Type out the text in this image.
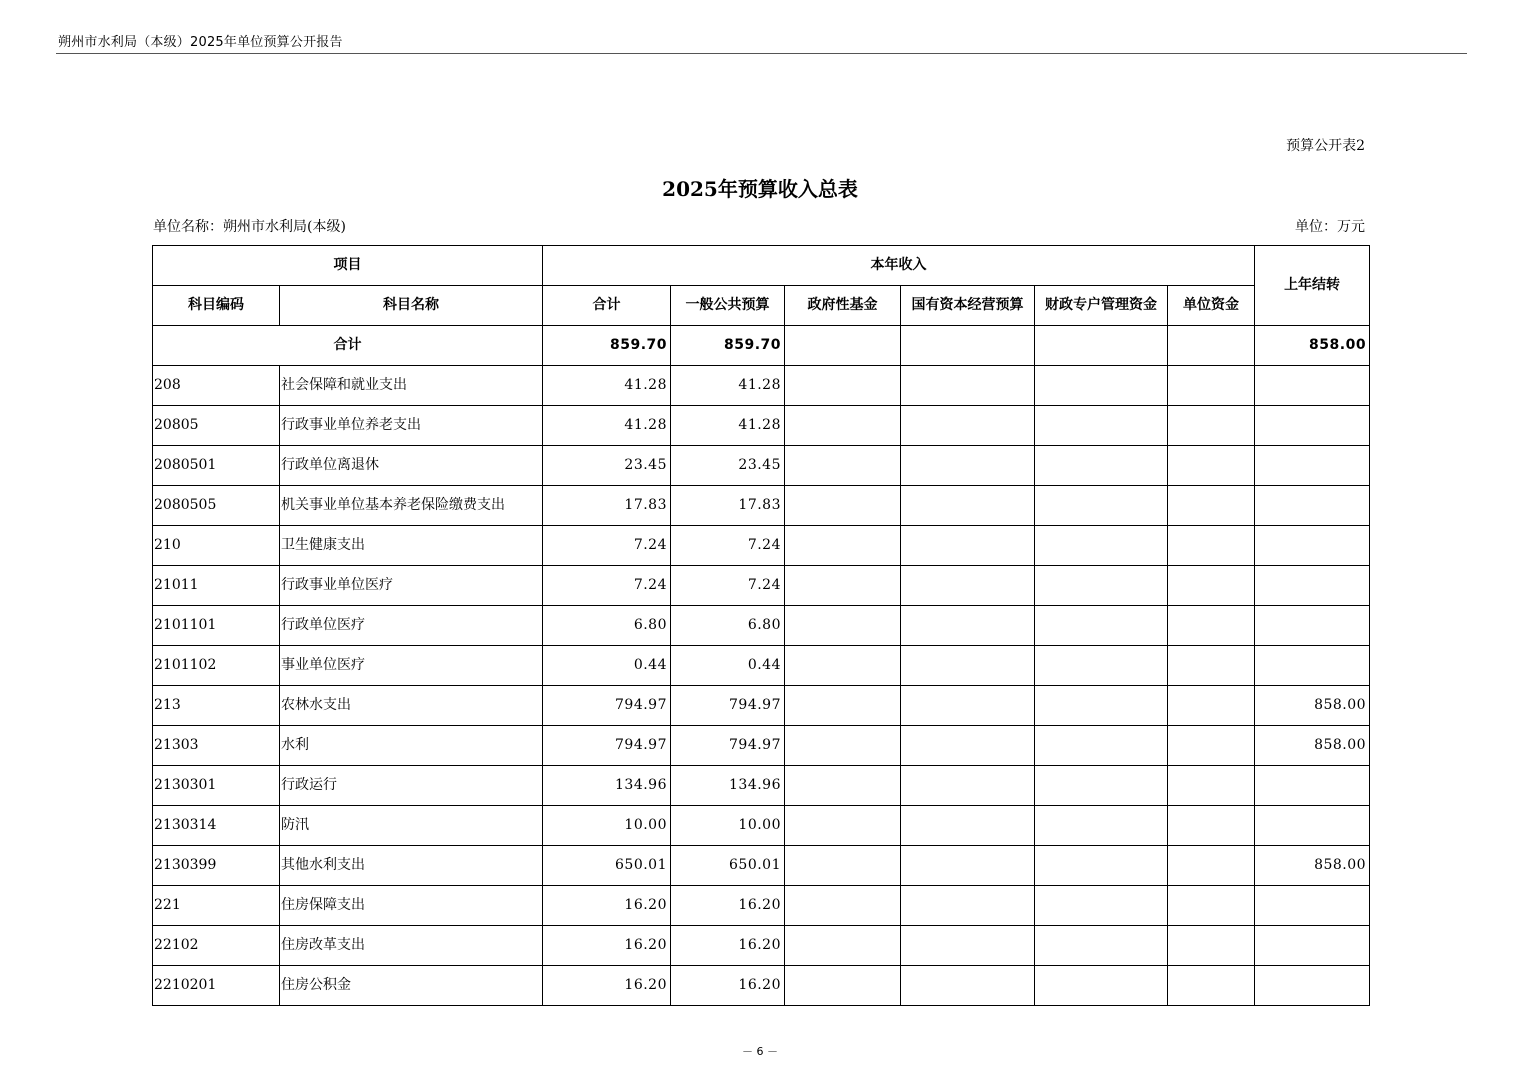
朔州市水利局（本级）2025年单位预算公开报告
预算公开表2
2025年预算收入总表
单位名称：朔州市水利局(本级)	单位：万元
项目		本年收入						上年结转
科目编码	科目名称	合计	一般公共预算	政府性基金	国有资本经营预算	财政专户管理资金	单位资金	
合计		859.70	859.70					858.00
208	社会保障和就业支出	41.28	41.28					
20805	行政事业单位养老支出	41.28	41.28					
2080501	行政单位离退休	23.45	23.45					
2080505	机关事业单位基本养老保险缴费支出	17.83	17.83					
210	卫生健康支出	7.24	7.24					
21011	行政事业单位医疗	7.24	7.24					
2101101	行政单位医疗	6.80	6.80					
2101102	事业单位医疗	0.44	0.44					
213	农林水支出	794.97	794.97					858.00
21303	水利	794.97	794.97					858.00
2130301	行政运行	134.96	134.96					
2130314	防汛	10.00	10.00					
2130399	其他水利支出	650.01	650.01					858.00
221	住房保障支出	16.20	16.20					
22102	住房改革支出	16.20	16.20					
2210201	住房公积金	16.20	16.20					
－ 6 －
